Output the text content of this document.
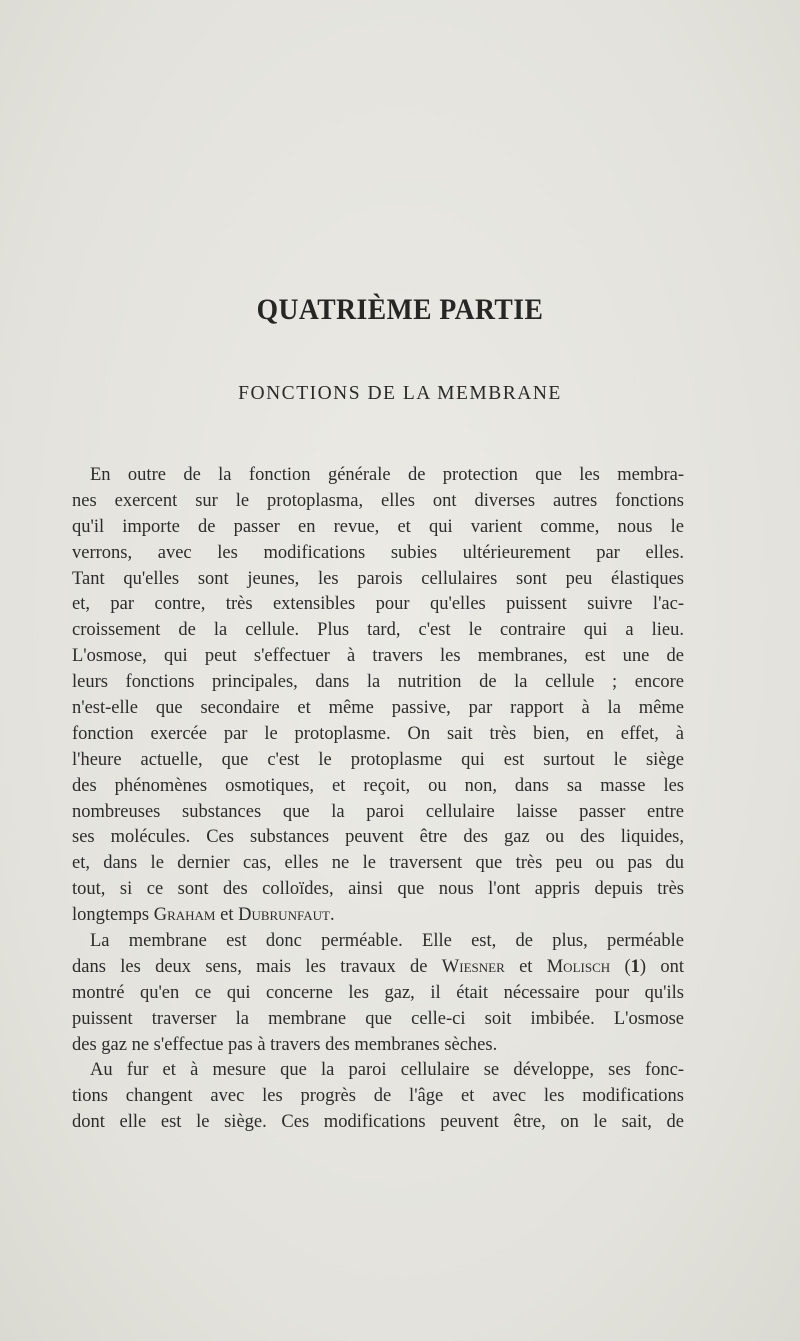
QUATRIÈME PARTIE
FONCTIONS DE LA MEMBRANE
En outre de la fonction générale de protection que les membra-
nes exercent sur le protoplasma, elles ont diverses autres fonctions
qu'il importe de passer en revue, et qui varient comme, nous le
verrons, avec les modifications subies ultérieurement par elles.
Tant qu'elles sont jeunes, les parois cellulaires sont peu élastiques
et, par contre, très extensibles pour qu'elles puissent suivre l'ac-
croissement de la cellule. Plus tard, c'est le contraire qui a lieu.
L'osmose, qui peut s'effectuer à travers les membranes, est une de
leurs fonctions principales, dans la nutrition de la cellule ; encore
n'est-elle que secondaire et même passive, par rapport à la même
fonction exercée par le protoplasme. On sait très bien, en effet, à
l'heure actuelle, que c'est le protoplasme qui est surtout le siège
des phénomènes osmotiques, et reçoit, ou non, dans sa masse les
nombreuses substances que la paroi cellulaire laisse passer entre
ses molécules. Ces substances peuvent être des gaz ou des liquides,
et, dans le dernier cas, elles ne le traversent que très peu ou pas du
tout, si ce sont des colloïdes, ainsi que nous l'ont appris depuis très
longtemps Graham et Dubrunfaut.
La membrane est donc perméable. Elle est, de plus, perméable
dans les deux sens, mais les travaux de Wiesner et Molisch (1) ont
montré qu'en ce qui concerne les gaz, il était nécessaire pour qu'ils
puissent traverser la membrane que celle-ci soit imbibée. L'osmose
des gaz ne s'effectue pas à travers des membranes sèches.
Au fur et à mesure que la paroi cellulaire se développe, ses fonc-
tions changent avec les progrès de l'âge et avec les modifications
dont elle est le siège. Ces modifications peuvent être, on le sait, de
